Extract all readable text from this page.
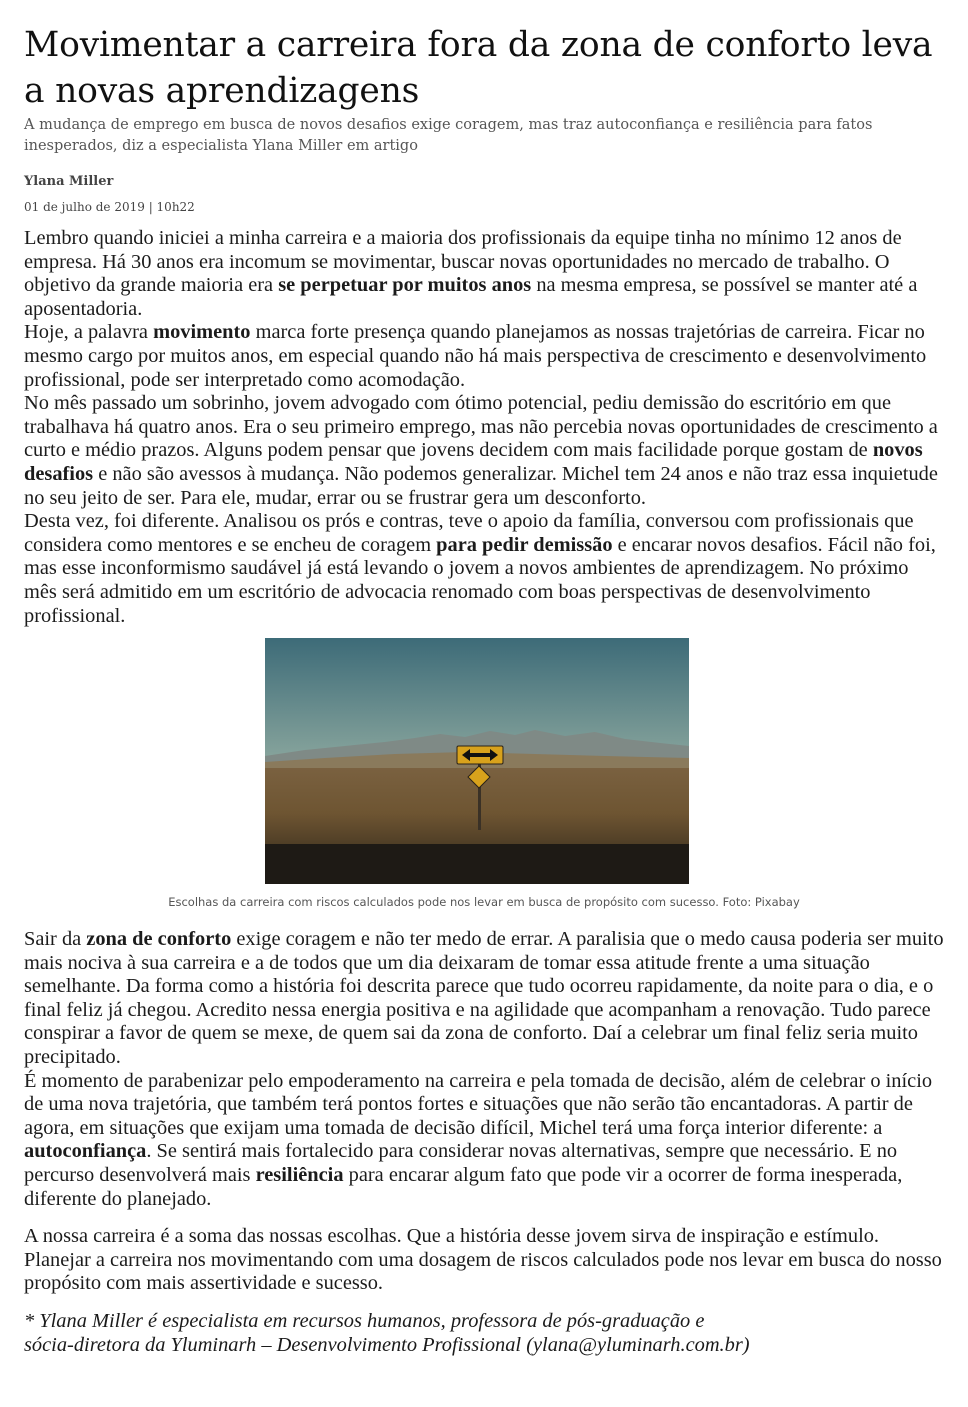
Movimentar a carreira fora da zona de conforto leva a novas aprendizagens
A mudança de emprego em busca de novos desafios exige coragem, mas traz autoconfiança e resiliência para fatos inesperados, diz a especialista Ylana Miller em artigo
Ylana Miller
01 de julho de 2019 | 10h22

Lembro quando iniciei a minha carreira e a maioria dos profissionais da equipe tinha no mínimo 12 anos de empresa. Há 30 anos era incomum se movimentar, buscar novas oportunidades no mercado de trabalho. O objetivo da grande maioria era se perpetuar por muitos anos na mesma empresa, se possível se manter até a aposentadoria.

Hoje, a palavra movimento marca forte presença quando planejamos as nossas trajetórias de carreira. Ficar no mesmo cargo por muitos anos, em especial quando não há mais perspectiva de crescimento e desenvolvimento profissional, pode ser interpretado como acomodação.

No mês passado um sobrinho, jovem advogado com ótimo potencial, pediu demissão do escritório em que trabalhava há quatro anos. Era o seu primeiro emprego, mas não percebia novas oportunidades de crescimento a curto e médio prazos. Alguns podem pensar que jovens decidem com mais facilidade porque gostam de novos desafios e não são avessos à mudança. Não podemos generalizar. Michel tem 24 anos e não traz essa inquietude no seu jeito de ser. Para ele, mudar, errar ou se frustrar gera um desconforto.

Desta vez, foi diferente. Analisou os prós e contras, teve o apoio da família, conversou com profissionais que considera como mentores e se encheu de coragem para pedir demissão e encarar novos desafios. Fácil não foi, mas esse inconformismo saudável já está levando o jovem a novos ambientes de aprendizagem. No próximo mês será admitido em um escritório de advocacia renomado com boas perspectivas de desenvolvimento profissional.

Escolhas da carreira com riscos calculados pode nos levar em busca de propósito com sucesso. Foto: Pixabay

Sair da zona de conforto exige coragem e não ter medo de errar. A paralisia que o medo causa poderia ser muito mais nociva à sua carreira e a de todos que um dia deixaram de tomar essa atitude frente a uma situação semelhante. Da forma como a história foi descrita parece que tudo ocorreu rapidamente, da noite para o dia, e o final feliz já chegou. Acredito nessa energia positiva e na agilidade que acompanham a renovação. Tudo parece conspirar a favor de quem se mexe, de quem sai da zona de conforto. Daí a celebrar um final feliz seria muito precipitado.

É momento de parabenizar pelo empoderamento na carreira e pela tomada de decisão, além de celebrar o início de uma nova trajetória, que também terá pontos fortes e situações que não serão tão encantadoras. A partir de agora, em situações que exijam uma tomada de decisão difícil, Michel terá uma força interior diferente: a autoconfiança. Se sentirá mais fortalecido para considerar novas alternativas, sempre que necessário. E no percurso desenvolverá mais resiliência para encarar algum fato que pode vir a ocorrer de forma inesperada, diferente do planejado.

A nossa carreira é a soma das nossas escolhas. Que a história desse jovem sirva de inspiração e estímulo. Planejar a carreira nos movimentando com uma dosagem de riscos calculados pode nos levar em busca do nosso propósito com mais assertividade e sucesso.

* Ylana Miller é especialista em recursos humanos, professora de pós-graduação e
sócia-diretora da Yluminarh – Desenvolvimento Profissional (ylana@yluminarh.com.br)
